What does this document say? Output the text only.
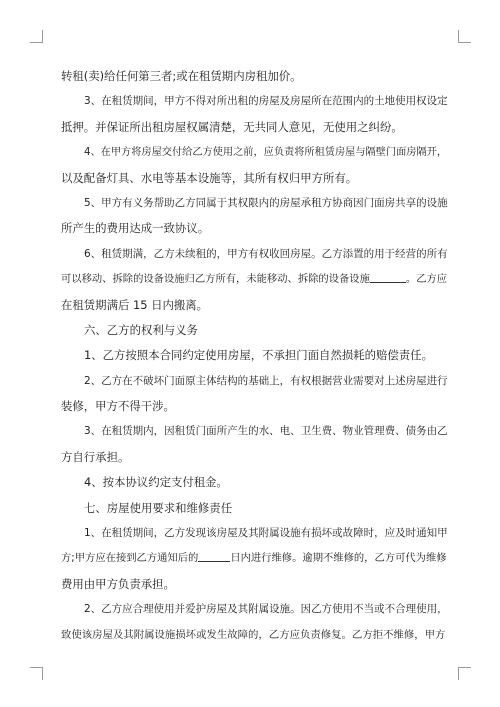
转租(卖)给任何第三者;或在租赁期内房租加价。
3、在租赁期间，甲方不得对所出租的房屋及房屋所在范围内的土地使用权设定
抵押。并保证所出租房屋权属清楚，无共同人意见，无使用之纠纷。
4、在甲方将房屋交付给乙方使用之前，应负责将所租赁房屋与隔壁门面房隔开，
以及配备灯具、水电等基本设施等，其所有权归甲方所有。
5、甲方有义务帮助乙方同属于其权限内的房屋承租方协商因门面房共享的设施
所产生的费用达成一致协议。
6、租赁期满，乙方未续租的，甲方有权收回房屋。乙方添置的用于经营的所有
可以移动、拆除的设备设施归乙方所有，未能移动、拆除的设备设施	。乙方应
在租赁期满后 15 日内搬离。
六、乙方的权利与义务
1、乙方按照本合同约定使用房屋，不承担门面自然损耗的赔偿责任。
2、乙方在不破坏门面原主体结构的基础上，有权根据营业需要对上述房屋进行
装修，甲方不得干涉。
3、在租赁期内，因租赁门面所产生的水、电、卫生费、物业管理费、债务由乙
方自行承担。
4、按本协议约定支付租金。
七、房屋使用要求和维修责任
1、在租赁期间，乙方发现该房屋及其附属设施有损坏或故障时，应及时通知甲
方;甲方应在接到乙方通知后的	日内进行维修。逾期不维修的，乙方可代为维修
费用由甲方负责承担。
2、乙方应合理使用并爱护房屋及其附属设施。因乙方使用不当或不合理使用，
致使该房屋及其附属设施损坏或发生故障的，乙方应负责修复。乙方拒不维修，甲方
